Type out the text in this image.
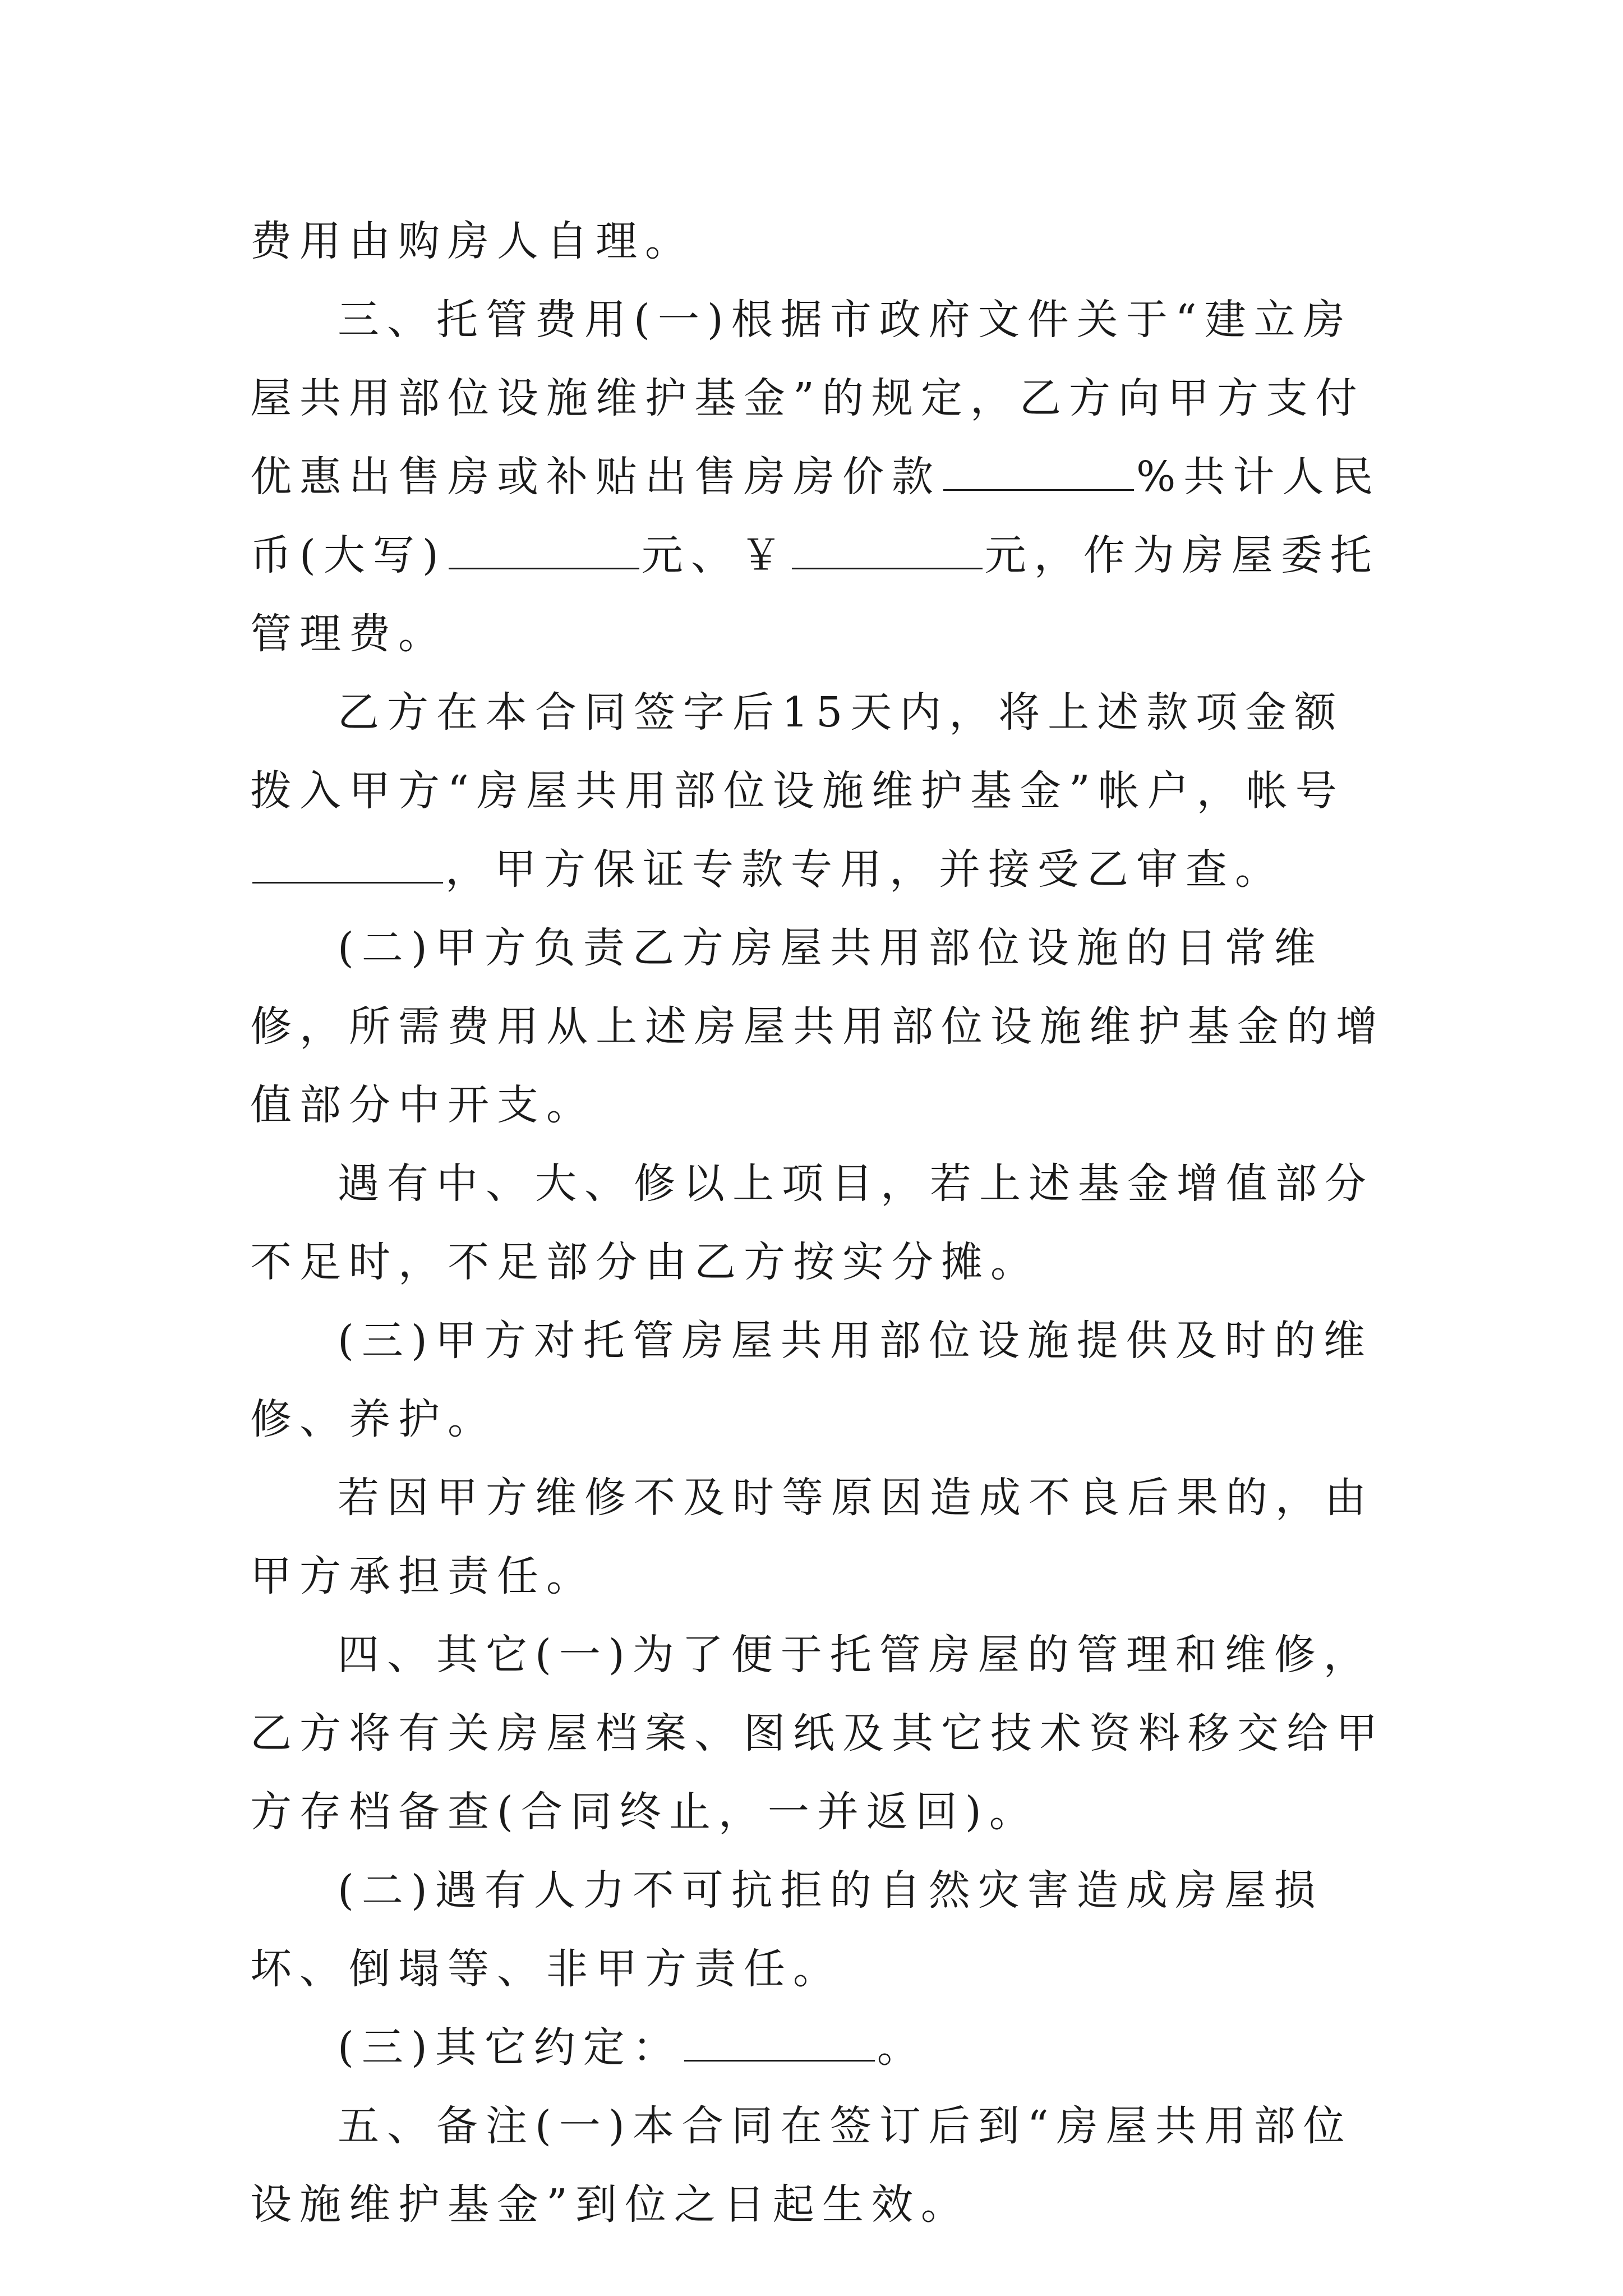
费用由购房人自理。

三、托管费用(一)根据市政府文件关于“建立房屋共用部位设施维护基金”的规定，乙方向甲方支付优惠出售房或补贴出售房房价款	%共计人民币(大写)	元、￥	元，作为房屋委托管理费。

乙方在本合同签字后15天内，将上述款项金额拨入甲方“房屋共用部位设施维护基金”帐户，帐号，甲方保证专款专用，并接受乙审查。

(二)甲方负责乙方房屋共用部位设施的日常维修，所需费用从上述房屋共用部位设施维护基金的增值部分中开支。

遇有中、大、修以上项目，若上述基金增值部分不足时，不足部分由乙方按实分摊。

(三)甲方对托管房屋共用部位设施提供及时的维修、养护。

若因甲方维修不及时等原因造成不良后果的，由甲方承担责任。

四、其它(一)为了便于托管房屋的管理和维修，乙方将有关房屋档案、图纸及其它技术资料移交给甲方存档备查(合同终止，一并返回)。

(二)遇有人力不可抗拒的自然灾害造成房屋损坏、倒塌等、非甲方责任。

(三)其它约定：	。

五、备注(一)本合同在签订后到“房屋共用部位设施维护基金”到位之日起生效。
